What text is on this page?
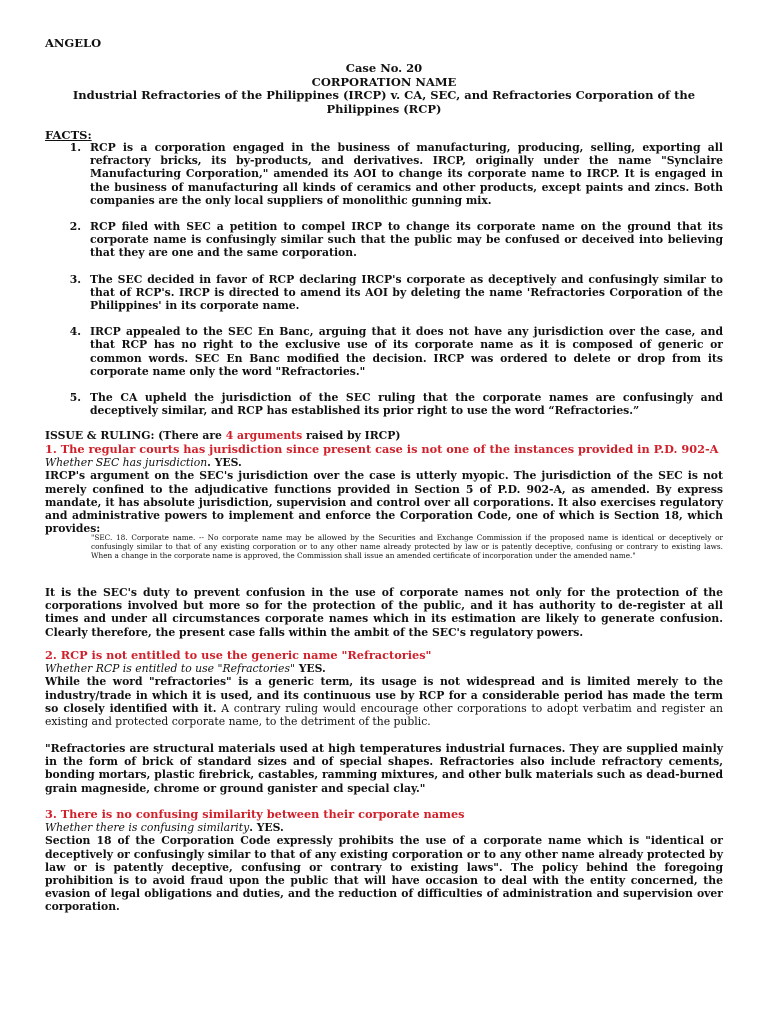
ANGELO
Case No. 20
CORPORATION NAME
Industrial Refractories of the Philippines (IRCP) v. CA, SEC, and Refractories Corporation of the Philippines (RCP)
FACTS:
1. RCP is a corporation engaged in the business of manufacturing, producing, selling, exporting all refractory bricks, its by-products, and derivatives. IRCP, originally under the name "Synclaire Manufacturing Corporation," amended its AOI to change its corporate name to IRCP. It is engaged in the business of manufacturing all kinds of ceramics and other products, except paints and zincs. Both companies are the only local suppliers of monolithic gunning mix.
2. RCP filed with SEC a petition to compel IRCP to change its corporate name on the ground that its corporate name is confusingly similar such that the public may be confused or deceived into believing that they are one and the same corporation.
3. The SEC decided in favor of RCP declaring IRCP's corporate as deceptively and confusingly similar to that of RCP's. IRCP is directed to amend its AOI by deleting the name 'Refractories Corporation of the Philippines' in its corporate name.
4. IRCP appealed to the SEC En Banc, arguing that it does not have any jurisdiction over the case, and that RCP has no right to the exclusive use of its corporate name as it is composed of generic or common words. SEC En Banc modified the decision. IRCP was ordered to delete or drop from its corporate name only the word "Refractories."
5. The CA upheld the jurisdiction of the SEC ruling that the corporate names are confusingly and deceptively similar, and RCP has established its prior right to use the word “Refractories.”
ISSUE & RULING: (There are 4 arguments raised by IRCP)
1. The regular courts has jurisdiction since present case is not one of the instances provided in P.D. 902-A
Whether SEC has jurisdiction. YES.
IRCP's argument on the SEC's jurisdiction over the case is utterly myopic. The jurisdiction of the SEC is not merely confined to the adjudicative functions provided in Section 5 of P.D. 902-A, as amended. By express mandate, it has absolute jurisdiction, supervision and control over all corporations. It also exercises regulatory and administrative powers to implement and enforce the Corporation Code, one of which is Section 18, which provides:
"SEC. 18. Corporate name. -- No corporate name may be allowed by the Securities and Exchange Commission if the proposed name is identical or deceptively or confusingly similar to that of any existing corporation or to any other name already protected by law or is patently deceptive, confusing or contrary to existing laws. When a change in the corporate name is approved, the Commission shall issue an amended certificate of incorporation under the amended name."
It is the SEC's duty to prevent confusion in the use of corporate names not only for the protection of the corporations involved but more so for the protection of the public, and it has authority to de-register at all times and under all circumstances corporate names which in its estimation are likely to generate confusion. Clearly therefore, the present case falls within the ambit of the SEC's regulatory powers.
2. RCP is not entitled to use the generic name "Refractories"
Whether RCP is entitled to use "Refractories" YES.
While the word "refractories" is a generic term, its usage is not widespread and is limited merely to the industry/trade in which it is used, and its continuous use by RCP for a considerable period has made the term so closely identified with it. A contrary ruling would encourage other corporations to adopt verbatim and register an existing and protected corporate name, to the detriment of the public.
"Refractories are structural materials used at high temperatures industrial furnaces. They are supplied mainly in the form of brick of standard sizes and of special shapes. Refractories also include refractory cements, bonding mortars, plastic firebrick, castables, ramming mixtures, and other bulk materials such as dead-burned grain magneside, chrome or ground ganister and special clay."
3. There is no confusing similarity between their corporate names
Whether there is confusing similarity. YES.
Section 18 of the Corporation Code expressly prohibits the use of a corporate name which is "identical or deceptively or confusingly similar to that of any existing corporation or to any other name already protected by law or is patently deceptive, confusing or contrary to existing laws". The policy behind the foregoing prohibition is to avoid fraud upon the public that will have occasion to deal with the entity concerned, the evasion of legal obligations and duties, and the reduction of difficulties of administration and supervision over corporation.
